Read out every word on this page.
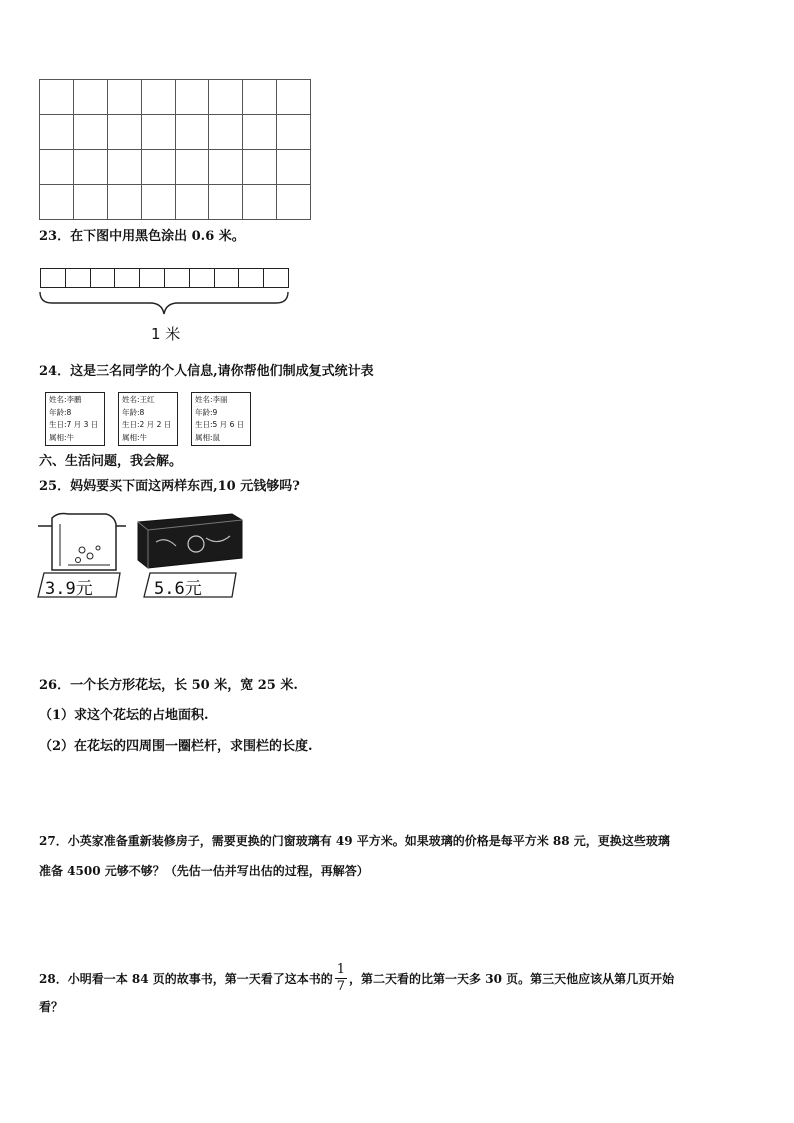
23．在下图中用黑色涂出 0.6 米。
1 米
24．这是三名同学的个人信息,请你帮他们制成复式统计表
姓名:李鹏
年龄:8
生日:7 月 3 日
属相:牛
姓名:王红
年龄:8
生日:2 月 2 日
属相:牛
姓名:李丽
年龄:9
生日:5 月 6 日
属相:鼠
六、生活问题，我会解。
25．妈妈要买下面这两样东西,10 元钱够吗?
3.9元	5.6元
26．一个长方形花坛，长 50 米，宽 25 米.
（1）求这个花坛的占地面积.
（2）在花坛的四周围一圈栏杆，求围栏的长度.
27．小英家准备重新装修房子，需要更换的门窗玻璃有 49 平方米。如果玻璃的价格是每平方米 88 元，更换这些玻璃
准备 4500 元够不够？（先估一估并写出估的过程，再解答）
28．小明看一本 84 页的故事书，第一天看了这本书的 $\frac{1}{7}$ ，第二天看的比第一天多 30 页。第三天他应该从第几页开始
看？
